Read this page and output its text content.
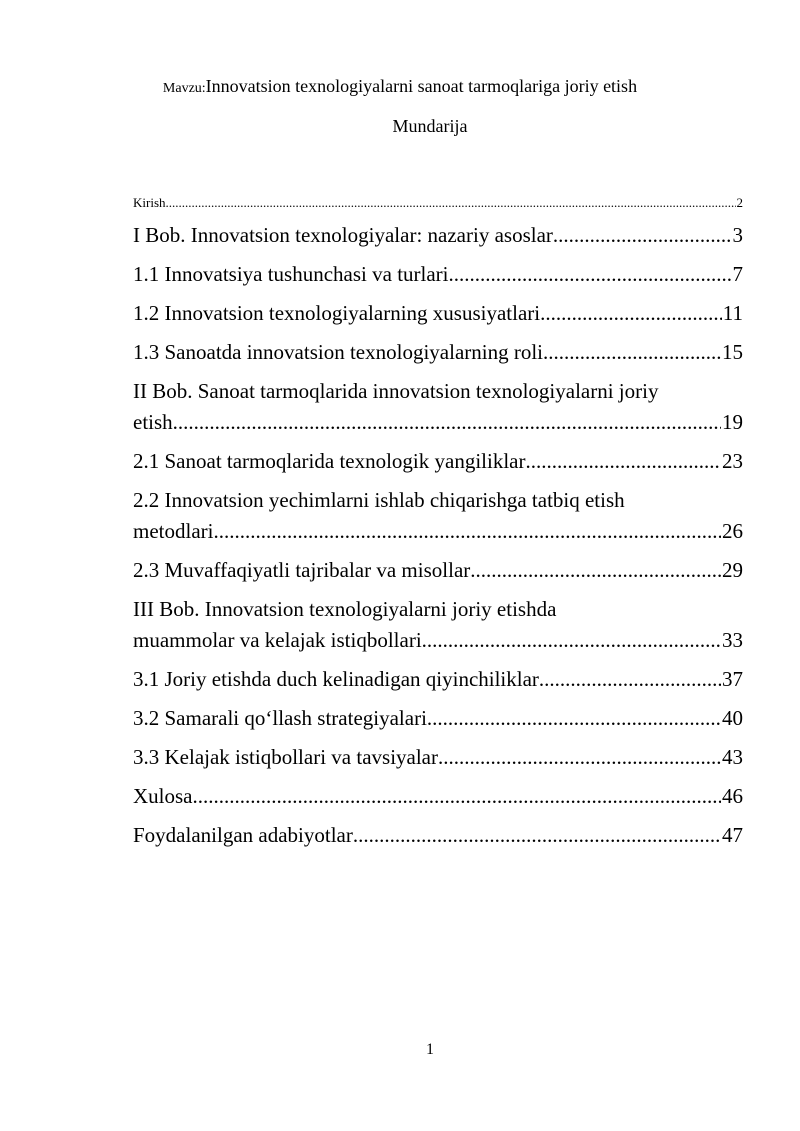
Mavzu:Innovatsion texnologiyalarni sanoat tarmoqlariga joriy etish
Mundarija
Kirish .....	2
I Bob. Innovatsion texnologiyalar: nazariy asoslar .....	3
1.1 Innovatsiya tushunchasi va turlari .....	7
1.2 Innovatsion texnologiyalarning xususiyatlari .....	11
1.3 Sanoatda innovatsion texnologiyalarning roli .....	15
II Bob. Sanoat tarmoqlarida innovatsion texnologiyalarni joriy
etish .....	19
2.1 Sanoat tarmoqlarida texnologik yangiliklar .....	23
2.2 Innovatsion yechimlarni ishlab chiqarishga tatbiq etish
metodlari .....	26
2.3 Muvaffaqiyatli tajribalar va misollar .....	29
III Bob. Innovatsion texnologiyalarni joriy etishda
muammolar va kelajak istiqbollari .....	33
3.1 Joriy etishda duch kelinadigan qiyinchiliklar .....	37
3.2 Samarali qo‘llash strategiyalari .....	40
3.3 Kelajak istiqbollari va tavsiyalar .....	43
Xulosa .....	46
Foydalanilgan adabiyotlar .....	47
1
